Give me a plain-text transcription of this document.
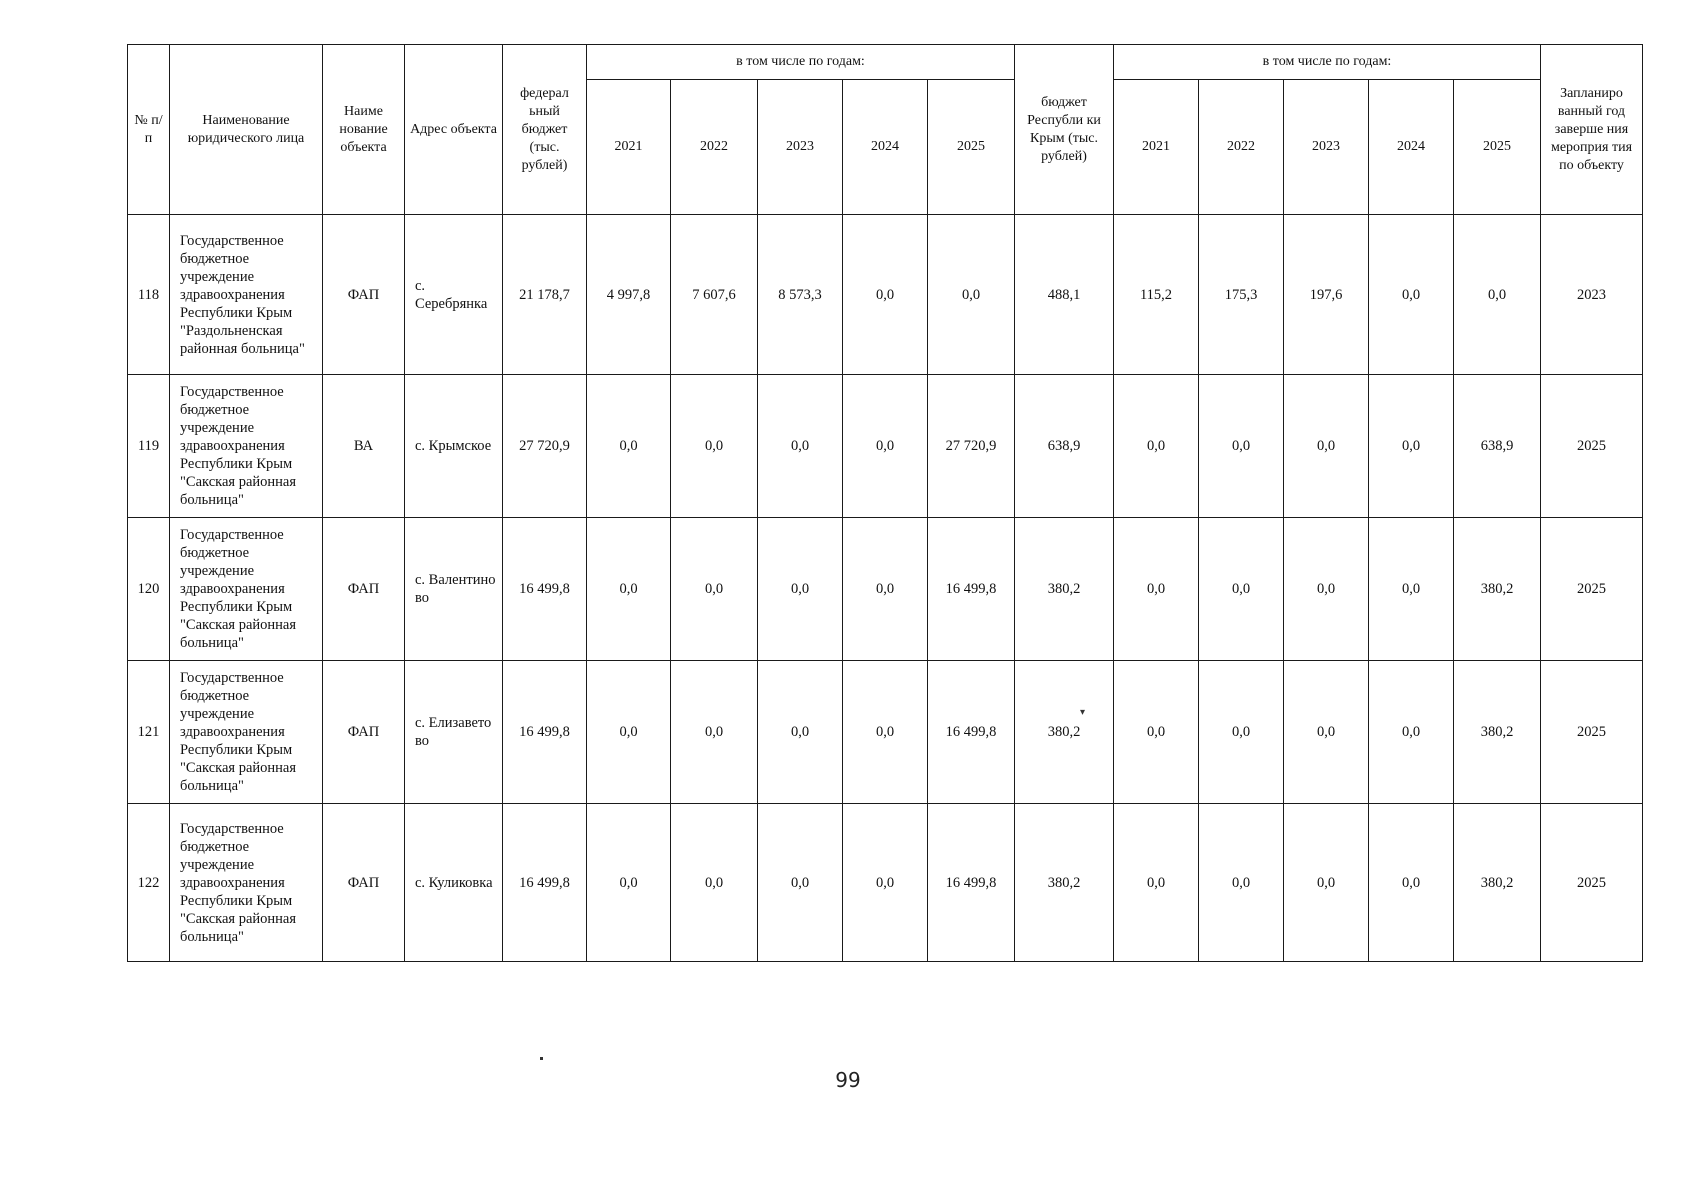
№ п/п	Наименование юридического лица	Наиме нование объекта	Адрес объекта	федерал ьный бюджет (тыс. рублей)	в том числе по годам:					бюджет Республи ки Крым (тыс. рублей)	в том числе по годам:					Запланиро ванный год заверше ния мероприя тия по объекту
					2021	2022	2023	2024	2025		2021	2022	2023	2024	2025	
118	Государственное бюджетное учреждение здравоохранения Республики Крым "Раздольненская районная больница"	ФАП	с. Серебрянка	21 178,7	4 997,8	7 607,6	8 573,3	0,0	0,0	488,1	115,2	175,3	197,6	0,0	0,0	2023
119	Государственное бюджетное учреждение здравоохранения Республики Крым "Сакская районная больница"	ВА	с. Крымское	27 720,9	0,0	0,0	0,0	0,0	27 720,9	638,9	0,0	0,0	0,0	0,0	638,9	2025
120	Государственное бюджетное учреждение здравоохранения Республики Крым "Сакская районная больница"	ФАП	с. Валентино во	16 499,8	0,0	0,0	0,0	0,0	16 499,8	380,2	0,0	0,0	0,0	0,0	380,2	2025
121	Государственное бюджетное учреждение здравоохранения Республики Крым "Сакская районная больница"	ФАП	с. Елизавето во	16 499,8	0,0	0,0	0,0	0,0	16 499,8	380,2	0,0	0,0	0,0	0,0	380,2	2025
122	Государственное бюджетное учреждение здравоохранения Республики Крым "Сакская районная больница"	ФАП	с. Куликовка	16 499,8	0,0	0,0	0,0	0,0	16 499,8	380,2	0,0	0,0	0,0	0,0	380,2	2025
▾
99
